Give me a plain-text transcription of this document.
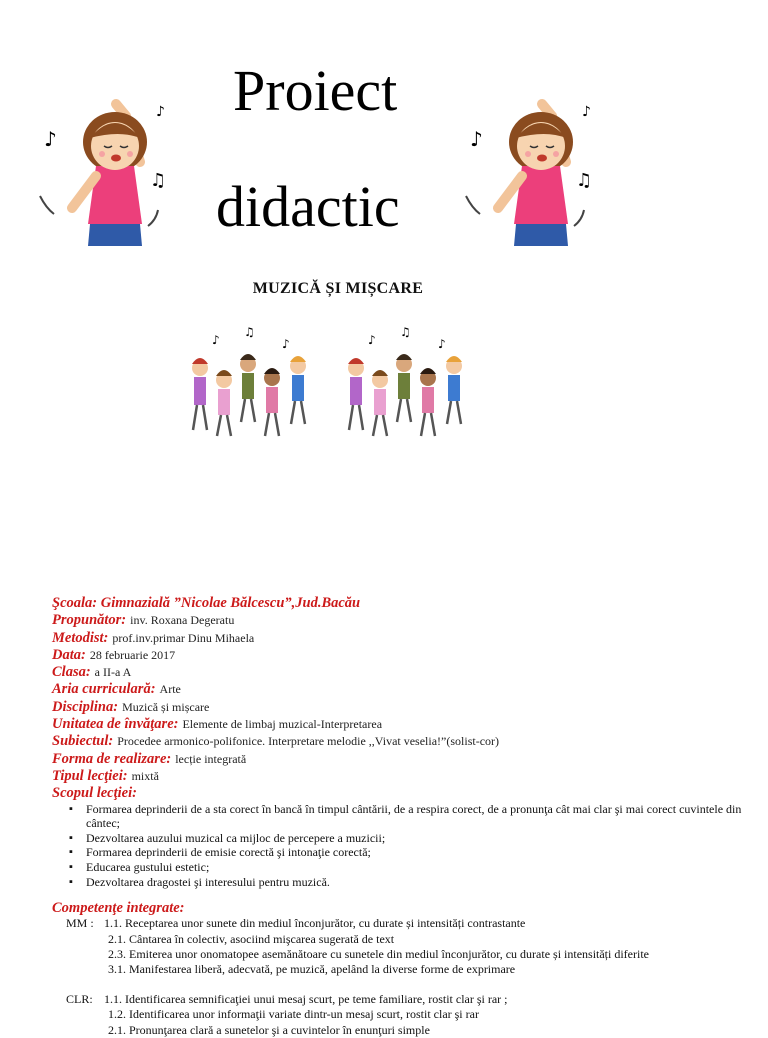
Proiect
didactic
♪
♪
♫
♪
♪
♫
MUZICĂ ȘI MIȘCARE
♪
♫
♪	♪
♫
♪
Şcoala: Gimnazială ”Nicolae Bălcescu”,Jud.Bacău
Propunător: inv. Roxana Degeratu
Metodist: prof.inv.primar Dinu Mihaela
Data: 28 februarie 2017
Clasa: a II-a A
Aria curriculară: Arte
Disciplina: Muzică și mișcare
Unitatea de învăţare: Elemente de limbaj muzical-Interpretarea
Subiectul: Procedee armonico-polifonice. Interpretare melodie ,,Vivat veselia!”(solist-cor)
Forma de realizare: lecție integrată
Tipul lecţiei: mixtă
Scopul lecţiei:
▪ Formarea deprinderii de a sta corect în bancă în timpul cântării, de a respira corect, de a pronunţa cât mai clar şi mai corect cuvintele din cântec;
▪ Dezvoltarea auzului muzical ca mijloc de percepere a muzicii;
▪ Formarea deprinderii de emisie corectă şi intonaţie corectă;
▪ Educarea gustului estetic;
▪ Dezvoltarea dragostei şi interesului pentru muzică.
Competenţe integrate:
MM : 1.1. Receptarea unor sunete din mediul înconjurător, cu durate și intensități contrastante
2.1. Cântarea în colectiv, asociind mişcarea sugerată de text
2.3. Emiterea unor onomatopee asemănătoare cu sunetele din mediul înconjurător, cu durate și intensități diferite
3.1. Manifestarea liberă, adecvată, pe muzică, apelând la diverse forme de exprimare
CLR: 1.1. Identificarea semnificaţiei unui mesaj scurt, pe teme familiare, rostit clar şi rar ;
1.2. Identificarea unor informaţii variate dintr-un mesaj scurt, rostit clar şi rar
2.1. Pronunţarea clară a sunetelor şi a cuvintelor în enunţuri simple
